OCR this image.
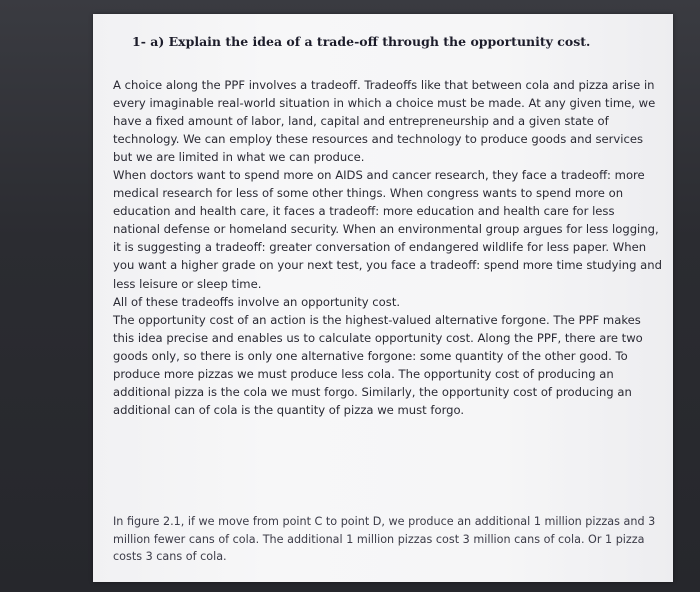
1- a) Explain the idea of a trade-off through the opportunity cost.

A choice along the PPF involves a tradeoff. Tradeoffs like that between cola and pizza arise in every imaginable real-world situation in which a choice must be made. At any given time, we have a fixed amount of labor, land, capital and entrepreneurship and a given state of technology. We can employ these resources and technology to produce goods and services but we are limited in what we can produce.

When doctors want to spend more on AIDS and cancer research, they face a tradeoff: more medical research for less of some other things. When congress wants to spend more on education and health care, it faces a tradeoff: more education and health care for less national defense or homeland security. When an environmental group argues for less logging, it is suggesting a tradeoff: greater conversation of endangered wildlife for less paper. When you want a higher grade on your next test, you face a tradeoff: spend more time studying and less leisure or sleep time.

All of these tradeoffs involve an opportunity cost.

The opportunity cost of an action is the highest-valued alternative forgone. The PPF makes this idea precise and enables us to calculate opportunity cost. Along the PPF, there are two goods only, so there is only one alternative forgone: some quantity of the other good. To produce more pizzas we must produce less cola. The opportunity cost of producing an additional pizza is the cola we must forgo. Similarly, the opportunity cost of producing an additional can of cola is the quantity of pizza we must forgo.

In figure 2.1, if we move from point C to point D, we produce an additional 1 million pizzas and 3 million fewer cans of cola. The additional 1 million pizzas cost 3 million cans of cola. Or 1 pizza costs 3 cans of cola.
